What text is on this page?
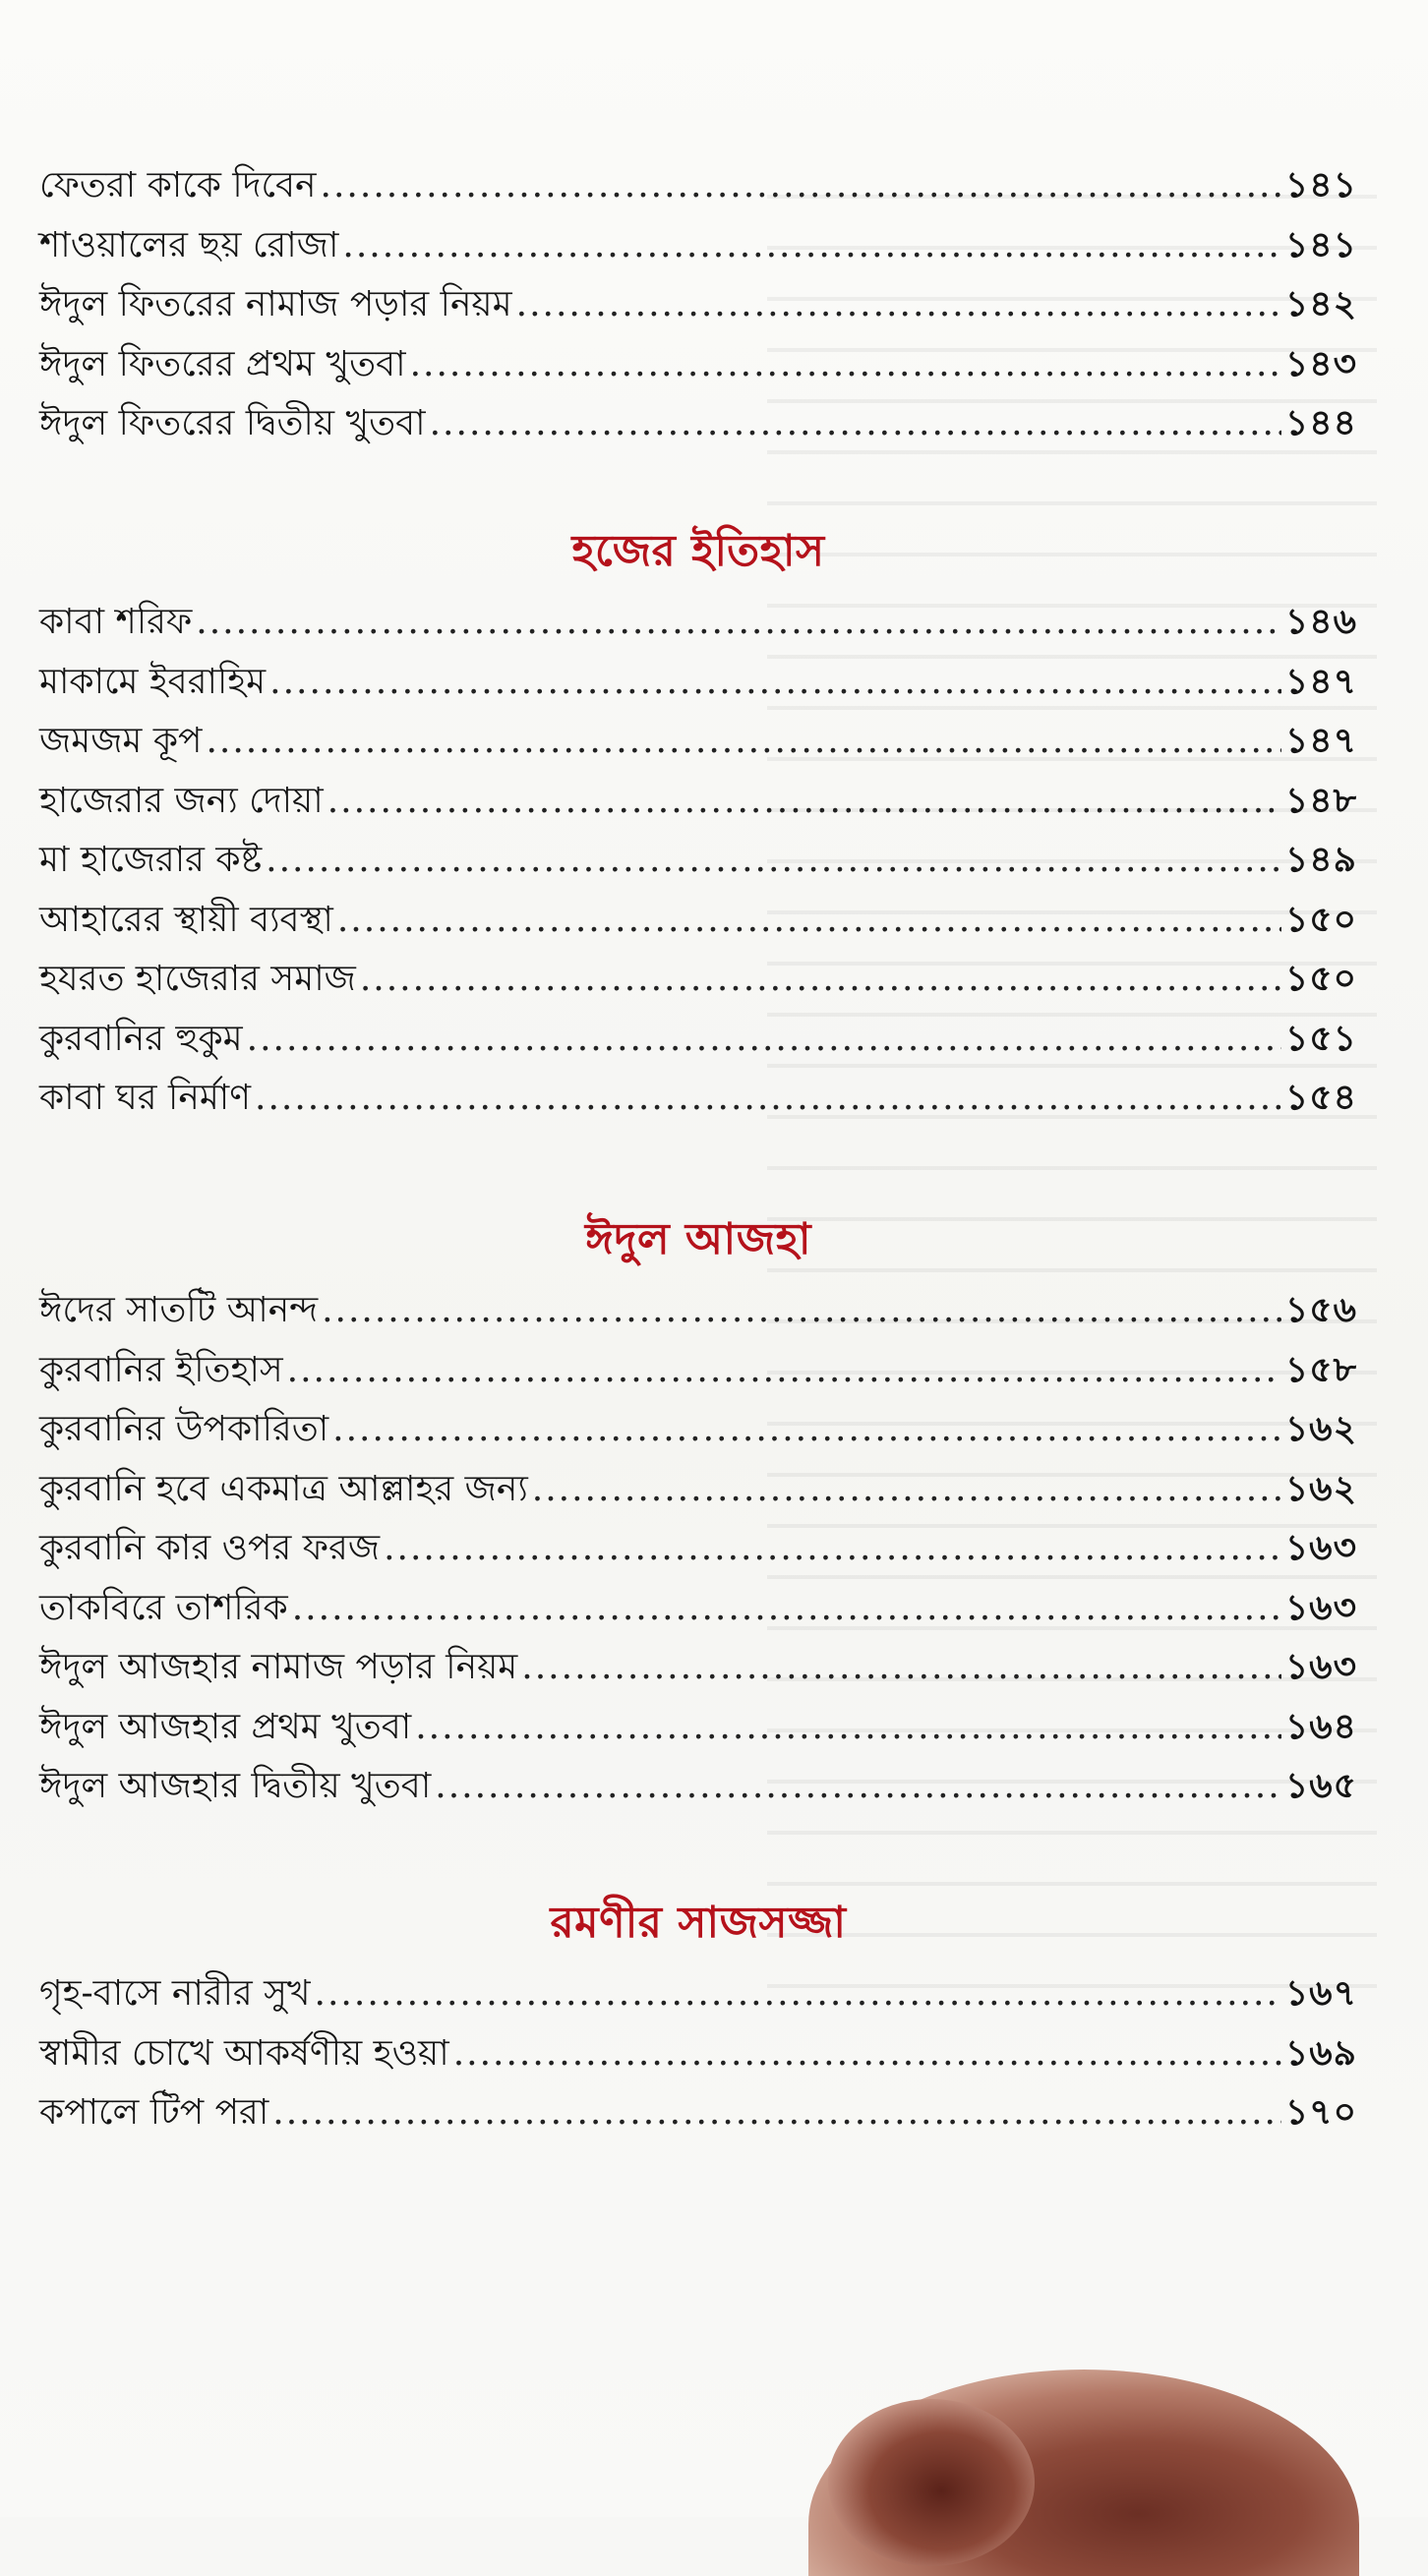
ফেতরা কাকে দিবেন .....	১৪১
শাওয়ালের ছয় রোজা .....	১৪১
ঈদুল ফিতরের নামাজ পড়ার নিয়ম .....	১৪২
ঈদুল ফিতরের প্রথম খুতবা .....	১৪৩
ঈদুল ফিতরের দ্বিতীয় খুতবা .....	১৪৪
হজের ইতিহাস
কাবা শরিফ .....	১৪৬
মাকামে ইবরাহিম .....	১৪৭
জমজম কূপ .....	১৪৭
হাজেরার জন্য দোয়া .....	১৪৮
মা হাজেরার কষ্ট .....	১৪৯
আহারের স্থায়ী ব্যবস্থা .....	১৫০
হযরত হাজেরার সমাজ .....	১৫০
কুরবানির হুকুম .....	১৫১
কাবা ঘর নির্মাণ .....	১৫৪
ঈদুল আজহা
ঈদের সাতটি আনন্দ .....	১৫৬
কুরবানির ইতিহাস .....	১৫৮
কুরবানির উপকারিতা .....	১৬২
কুরবানি হবে একমাত্র আল্লাহর জন্য .....	১৬২
কুরবানি কার ওপর ফরজ .....	১৬৩
তাকবিরে তাশরিক .....	১৬৩
ঈদুল আজহার নামাজ পড়ার নিয়ম .....	১৬৩
ঈদুল আজহার প্রথম খুতবা .....	১৬৪
ঈদুল আজহার দ্বিতীয় খুতবা .....	১৬৫
রমণীর সাজসজ্জা
গৃহ-বাসে নারীর সুখ .....	১৬৭
স্বামীর চোখে আকর্ষণীয় হওয়া .....	১৬৯
কপালে টিপ পরা .....	১৭০
